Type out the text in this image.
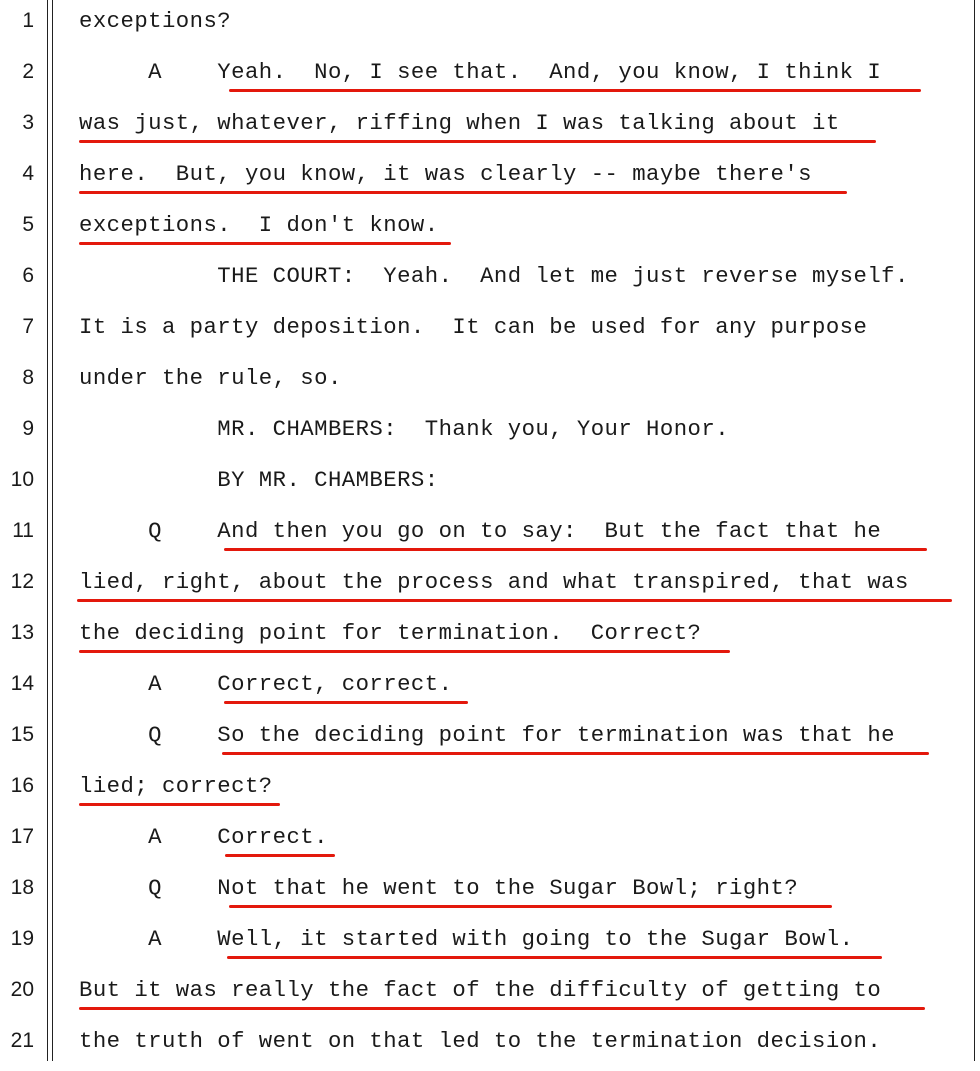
1 exceptions?
2 A    Yeah.  No, I see that.  And, you know, I think I
3 was just, whatever, riffing when I was talking about it
4 here.  But, you know, it was clearly -- maybe there's
5 exceptions.  I don't know.
6 THE COURT:  Yeah.  And let me just reverse myself.
7 It is a party deposition.  It can be used for any purpose
8 under the rule, so.
9 MR. CHAMBERS:  Thank you, Your Honor.
10 BY MR. CHAMBERS:
11 Q    And then you go on to say:  But the fact that he
12 lied, right, about the process and what transpired, that was
13 the deciding point for termination.  Correct?
14 A    Correct, correct.
15 Q    So the deciding point for termination was that he
16 lied; correct?
17 A    Correct.
18 Q    Not that he went to the Sugar Bowl; right?
19 A    Well, it started with going to the Sugar Bowl.
20 But it was really the fact of the difficulty of getting to
21 the truth of went on that led to the termination decision.
